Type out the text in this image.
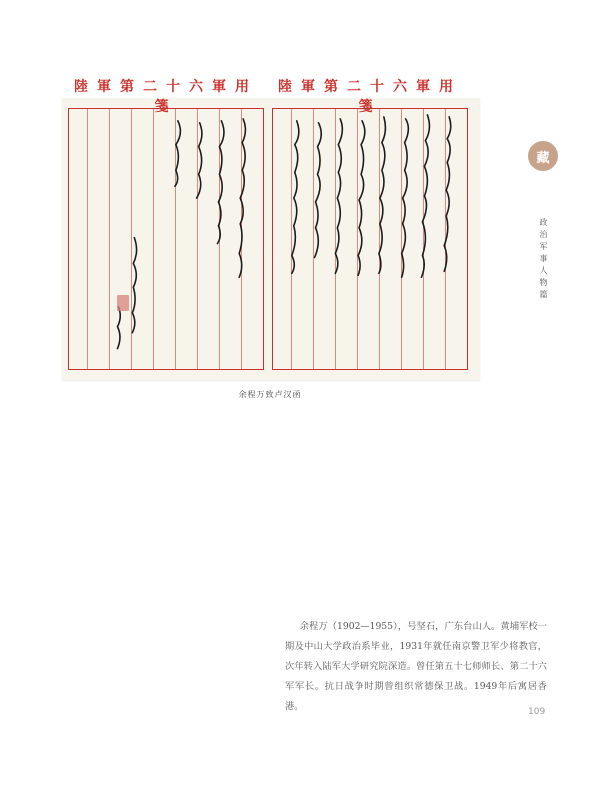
陸軍第二十六軍用箋
陸軍第二十六軍用箋
余程万致卢汉函
藏
政治军事人物篇
余程万（1902—1955），号坚石，广东台山人。黄埔军校一期及中山大学政治系毕业，1931年就任南京警卫军少将教官，次年转入陆军大学研究院深造。曾任第五十七师师长、第二十六军军长。抗日战争时期曾组织常德保卫战。1949年后寓居香港。	109
